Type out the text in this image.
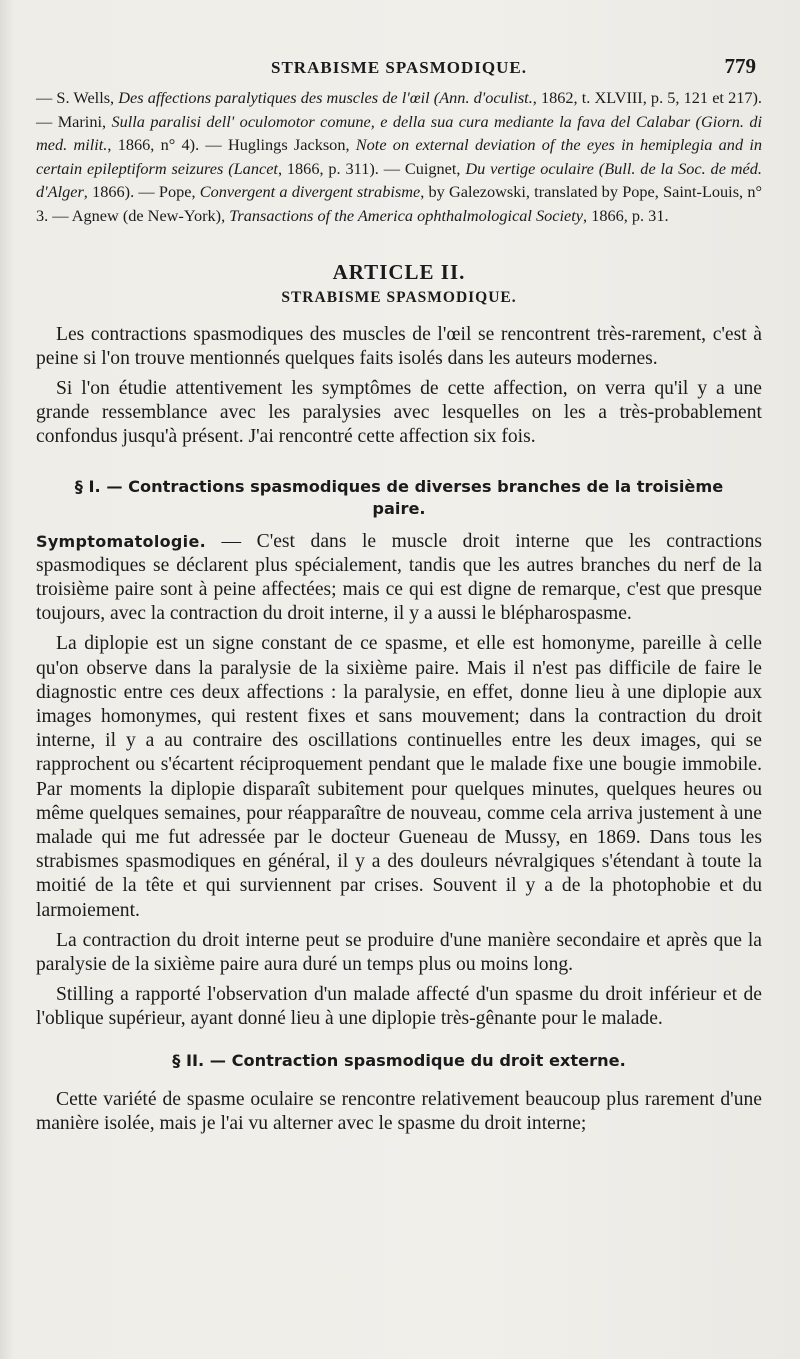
STRABISME SPASMODIQUE.	779

— S. Wells, Des affections paralytiques des muscles de l'œil (Ann. d'oculist., 1862, t. XLVIII, p. 5, 121 et 217). — Marini, Sulla paralisi dell' oculomotor comune, e della sua cura mediante la fava del Calabar (Giorn. di med. milit., 1866, n° 4). — Huglings Jackson, Note on external deviation of the eyes in hemiplegia and in certain epileptiform seizures (Lancet, 1866, p. 311). — Cuignet, Du vertige oculaire (Bull. de la Soc. de méd. d'Alger, 1866). — Pope, Convergent a divergent strabisme, by Galezowski, translated by Pope, Saint-Louis, n° 3. — Agnew (de New-York), Transactions of the America ophthalmological Society, 1866, p. 31.

ARTICLE II.
STRABISME SPASMODIQUE.

Les contractions spasmodiques des muscles de l'œil se rencontrent très-rarement, c'est à peine si l'on trouve mentionnés quelques faits isolés dans les auteurs modernes.

Si l'on étudie attentivement les symptômes de cette affection, on verra qu'il y a une grande ressemblance avec les paralysies avec lesquelles on les a très-probablement confondus jusqu'à présent. J'ai rencontré cette affection six fois.

§ I. — Contractions spasmodiques de diverses branches de la troisième paire.

Symptomatologie. — C'est dans le muscle droit interne que les contractions spasmodiques se déclarent plus spécialement, tandis que les autres branches du nerf de la troisième paire sont à peine affectées; mais ce qui est digne de remarque, c'est que presque toujours, avec la contraction du droit interne, il y a aussi le blépharospasme.

La diplopie est un signe constant de ce spasme, et elle est homonyme, pareille à celle qu'on observe dans la paralysie de la sixième paire. Mais il n'est pas difficile de faire le diagnostic entre ces deux affections : la paralysie, en effet, donne lieu à une diplopie aux images homonymes, qui restent fixes et sans mouvement; dans la contraction du droit interne, il y a au contraire des oscillations continuelles entre les deux images, qui se rapprochent ou s'écartent réciproquement pendant que le malade fixe une bougie immobile. Par moments la diplopie disparaît subitement pour quelques minutes, quelques heures ou même quelques semaines, pour réapparaître de nouveau, comme cela arriva justement à une malade qui me fut adressée par le docteur Gueneau de Mussy, en 1869. Dans tous les strabismes spasmodiques en général, il y a des douleurs névralgiques s'étendant à toute la moitié de la tête et qui surviennent par crises. Souvent il y a de la photophobie et du larmoiement.

La contraction du droit interne peut se produire d'une manière secondaire et après que la paralysie de la sixième paire aura duré un temps plus ou moins long.

Stilling a rapporté l'observation d'un malade affecté d'un spasme du droit inférieur et de l'oblique supérieur, ayant donné lieu à une diplopie très-gênante pour le malade.

§ II. — Contraction spasmodique du droit externe.

Cette variété de spasme oculaire se rencontre relativement beaucoup plus rarement d'une manière isolée, mais je l'ai vu alterner avec le spasme du droit interne;
